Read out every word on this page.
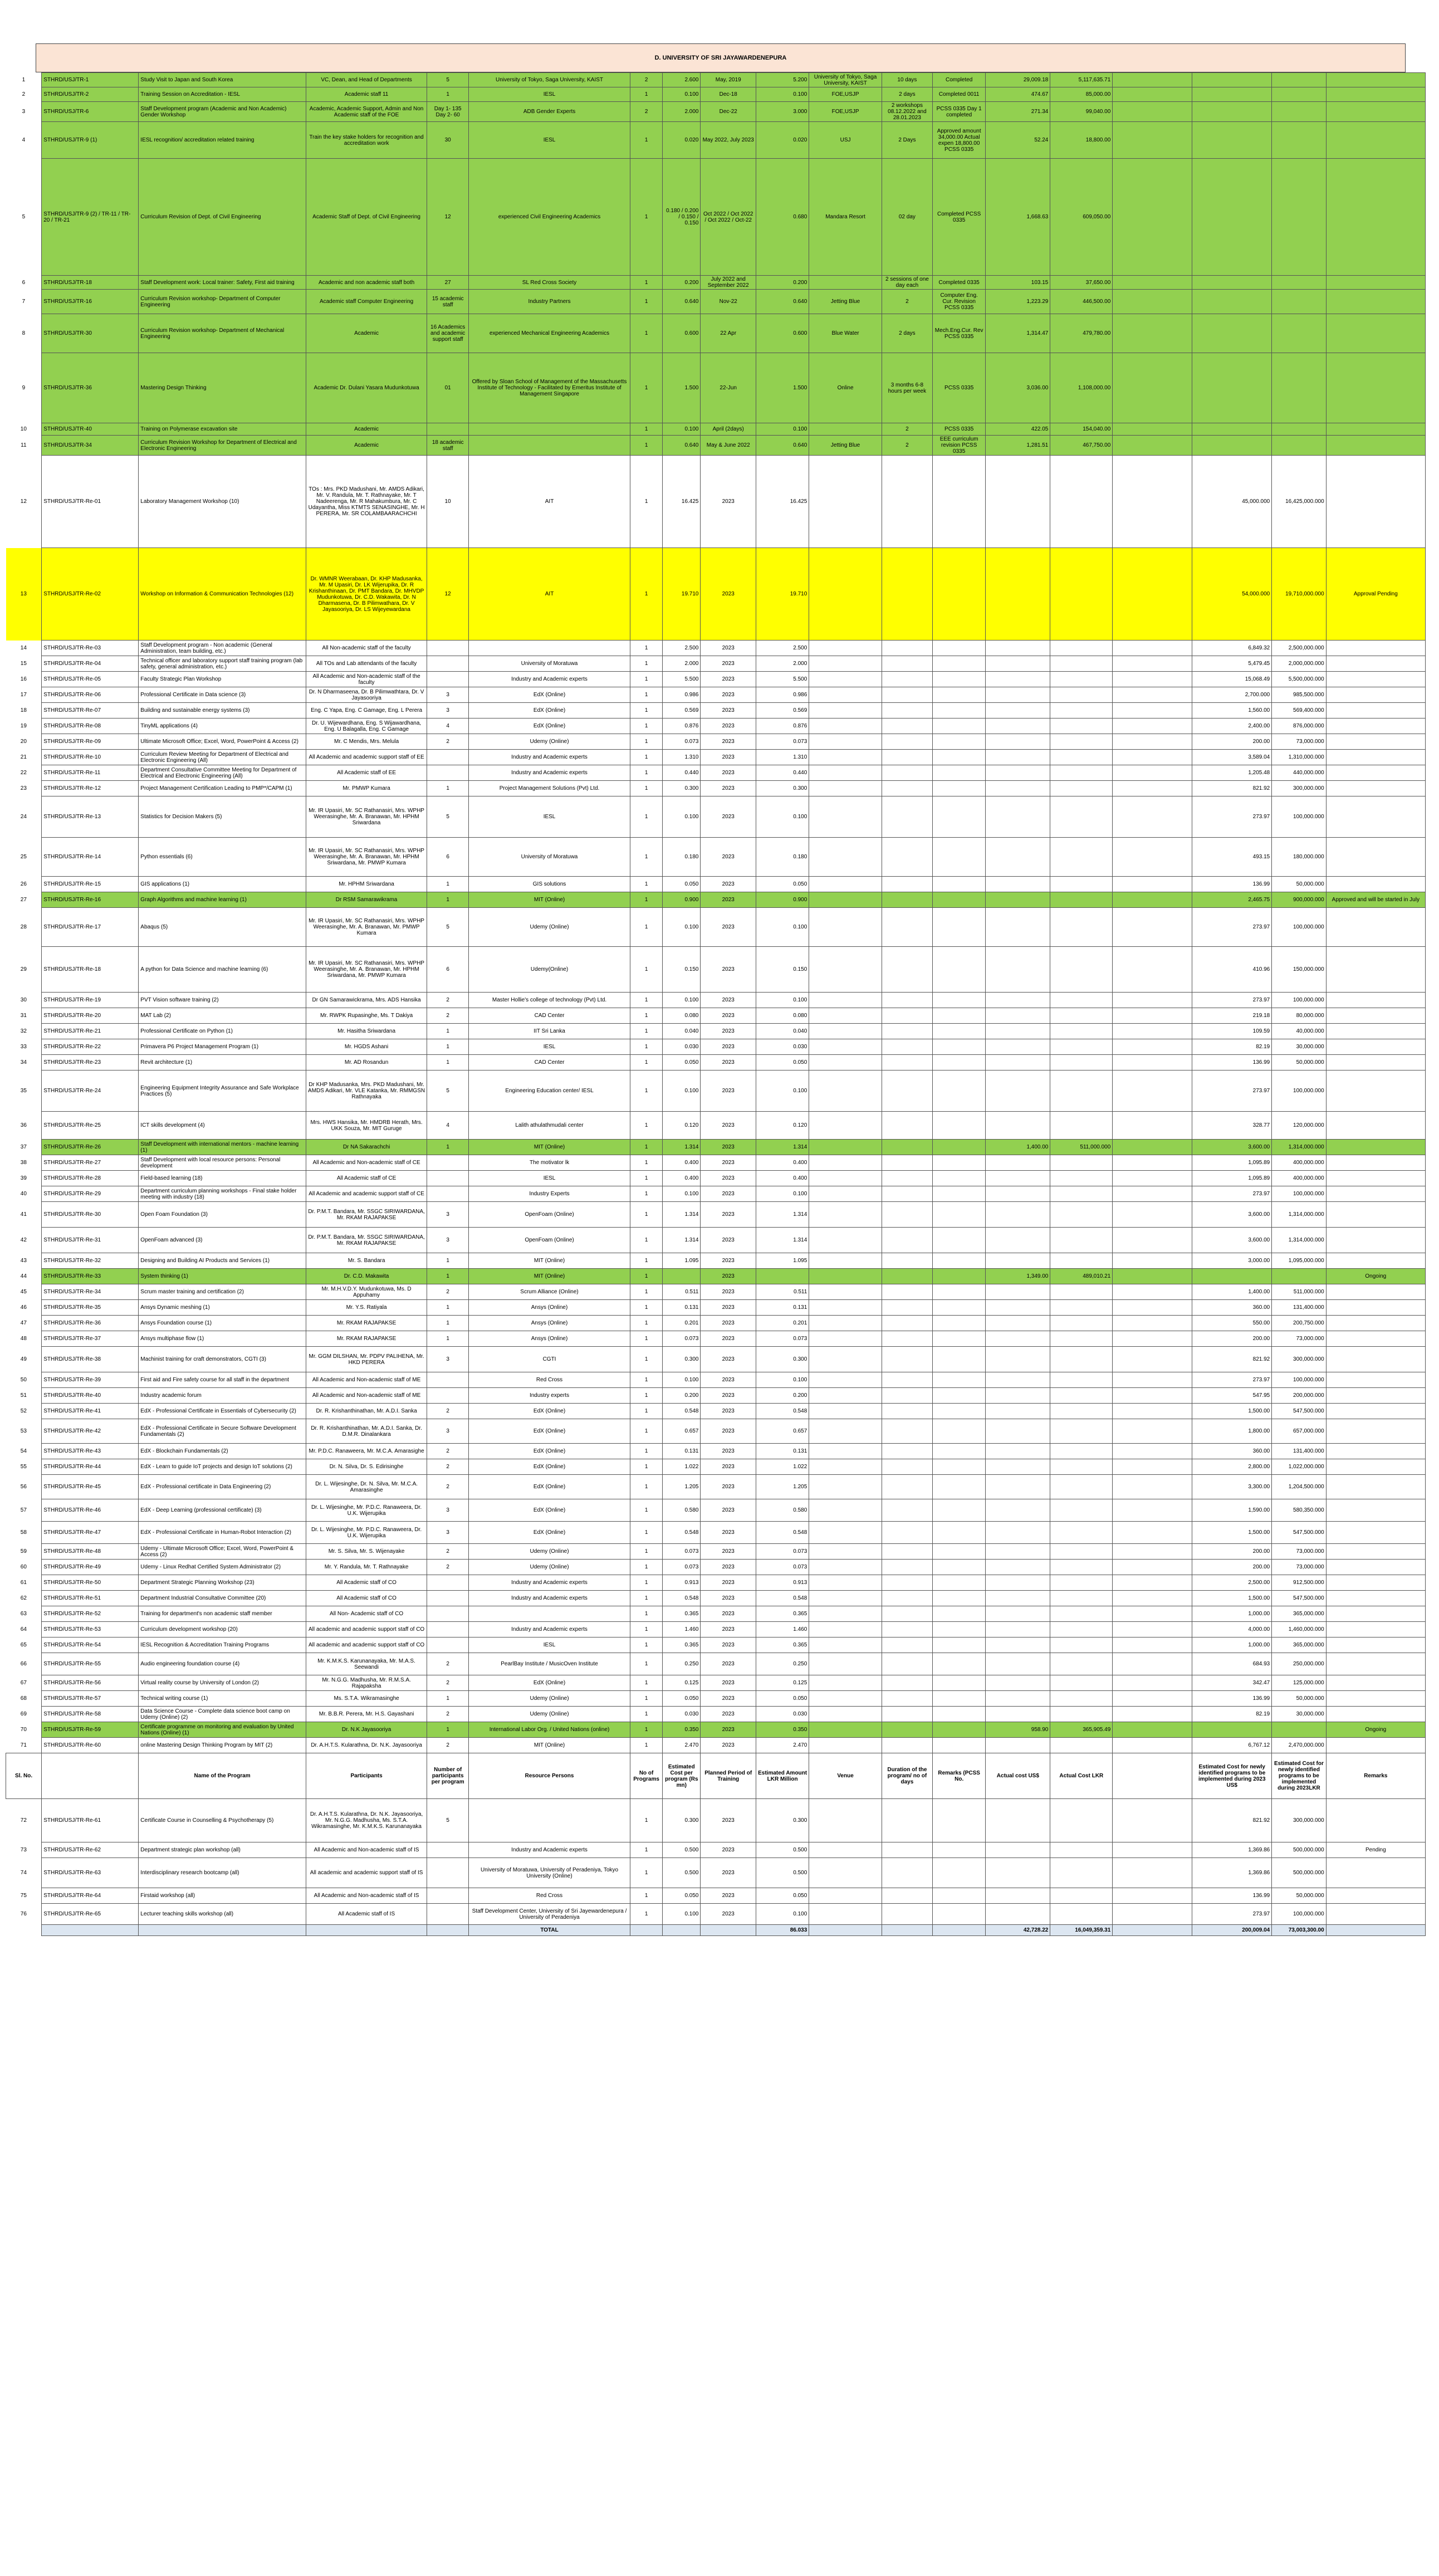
D. UNIVERSITY OF SRI JAYAWARDENEPURA
1	STHRD/USJ/TR-1	Study Visit to Japan and South Korea	VC, Dean, and Head of Departments	5	University of Tokyo, Saga University, KAIST	2	2.600	May, 2019	5.200	University of Tokyo, Saga University, KAIST	10 days	Completed	29,009.18	5,117,635.71				
2	STHRD/USJ/TR-2	Training Session on Accreditation - IESL	Academic staff 11	1	IESL	1	0.100	Dec-18	0.100	FOE,USJP	2 days	Completed 0011	474.67	85,000.00				
3	STHRD/USJ/TR-6	Staff Development program (Academic and Non Academic) Gender Workshop	Academic, Academic Support, Admin and Non Academic staff of the FOE	Day 1- 135 Day 2- 60	ADB Gender Experts	2	2.000	Dec-22	3.000	FOE,USJP	2 workshops 08.12.2022 and 28.01.2023	PCSS 0335 Day 1 completed	271.34	99,040.00				
4	STHRD/USJ/TR-9 (1)	IESL recognition/ accreditation related training	Train the key stake holders for recognition and accreditation work	30	IESL	1	0.020	May 2022, July 2023	0.020	USJ	2 Days	Approved amount 34,000.00 Actual expen 18,800.00 PCSS 0335	52.24	18,800.00				
5	STHRD/USJ/TR-9 (2) / TR-11 / TR-20 / TR-21	Curriculum Revision of Dept. of Civil Engineering	Academic Staff of Dept. of Civil Engineering	12	experienced Civil Engineering Academics	1	0.180 / 0.200 / 0.150 / 0.150	Oct 2022 / Oct 2022 / Oct 2022 / Oct-22	0.680	Mandara Resort	02 day	Completed PCSS 0335	1,668.63	609,050.00				
6	STHRD/USJ/TR-18	Staff Development work: Local trainer: Safety, First aid training	Academic and non academic staff both	27	SL Red Cross Society	1	0.200	July 2022 and September 2022	0.200		2 sessions of one day each	Completed 0335	103.15	37,650.00				
7	STHRD/USJ/TR-16	Curriculum Revision workshop- Department of Computer Engineering	Academic staff Computer Engineering	15 academic staff	Industry Partners	1	0.640	Nov-22	0.640	Jetting Blue	2	Computer Eng. Cur. Revision PCSS 0335	1,223.29	446,500.00				
8	STHRD/USJ/TR-30	Curriculum Revision workshop- Department of Mechanical Engineering	Academic	16 Academics and academic support staff	experienced Mechanical Engineering Academics	1	0.600	22 Apr	0.600	Blue Water	2 days	Mech.Eng.Cur. Rev PCSS 0335	1,314.47	479,780.00				
9	STHRD/USJ/TR-36	Mastering Design Thinking	Academic Dr. Dulani Yasara Mudunkotuwa	01	Offered by Sloan School of Management of the Massachusetts Institute of Technology - Facilitated by Emeritus Institute of Management Singapore	1	1.500	22-Jun	1.500	Online	3 months 6-8 hours per week	PCSS 0335	3,036.00	1,108,000.00				
10	STHRD/USJ/TR-40	Training on Polymerase excavation site	Academic			1	0.100	April (2days)	0.100		2	PCSS 0335	422.05	154,040.00				
11	STHRD/USJ/TR-34	Curriculum Revision Workshop for Department of Electrical and Electronic Engineering	Academic	18 academic staff		1	0.640	May & June 2022	0.640	Jetting Blue	2	EEE curriculum revision PCSS 0335	1,281.51	467,750.00				
12	STHRD/USJ/TR-Re-01	Laboratory Management Workshop (10)	TOs : Mrs. PKD Madushani, Mr. AMDS Adikari, Mr. V. Randula, Mr. T. Rathnayake, Mr. T Nadeerenga, Mr. R Mahakumbura, Mr. C Udayantha, Miss KTMTS SENASINGHE, Mr. H PERERA, Mr. SR COLAMBAARACHCHI	10	AIT	1	16.425	2023	16.425							45,000.000	16,425,000.000	
13	STHRD/USJ/TR-Re-02	Workshop on Information & Communication Technologies (12)	Dr. WMNR Weerabaan, Dr. KHP Madusanka, Mr. M Upasiri, Dr. LK Wijerupika, Dr. R Krishanthinaan, Dr. PMT Bandara, Dr. MHVDP Mudunkotuwa, Dr. C.D. Wakawita, Dr. N Dharmasena, Dr. B Pilimwathara, Dr. V Jayasooriya, Dr. LS Wijeyewardana	12	AIT	1	19.710	2023	19.710							54,000.000	19,710,000.000	Approval Pending
14	STHRD/USJ/TR-Re-03	Staff Development program - Non academic (General Administration, team building, etc.)	All Non-academic staff of the faculty			1	2.500	2023	2.500							6,849.32	2,500,000.000	
15	STHRD/USJ/TR-Re-04	Technical officer and laboratory support staff training program (lab safety, general administration, etc.)	All TOs and Lab attendants of the faculty		University of Moratuwa	1	2.000	2023	2.000							5,479.45	2,000,000.000	
16	STHRD/USJ/TR-Re-05	Faculty Strategic Plan Workshop	All Academic and Non-academic staff of the faculty		Industry and Academic experts	1	5.500	2023	5.500							15,068.49	5,500,000.000	
17	STHRD/USJ/TR-Re-06	Professional Certificate in Data science (3)	Dr. N Dharmaseena, Dr. B Pilimwathtara, Dr. V Jayasooriya	3	EdX (Online)	1	0.986	2023	0.986							2,700.000	985,500.000	
18	STHRD/USJ/TR-Re-07	Building and sustainable energy systems (3)	Eng. C Yapa, Eng. C Gamage, Eng. L Perera	3	EdX (Online)	1	0.569	2023	0.569							1,560.00	569,400.000	
19	STHRD/USJ/TR-Re-08	TinyML applications (4)	Dr. U. Wijewardhana, Eng. S Wijawardhana, Eng. U Balagalla, Eng. C Gamage	4	EdX (Online)	1	0.876	2023	0.876							2,400.00	876,000.000	
20	STHRD/USJ/TR-Re-09	Ultimate Microsoft Office; Excel, Word, PowerPoint & Access (2)	Mr. C Mendis, Mrs. Melula	2	Udemy (Online)	1	0.073	2023	0.073							200.00	73,000.000	
21	STHRD/USJ/TR-Re-10	Curriculum Review Meeting for Department of Electrical and Electronic Engineering (All)	All Academic and academic support staff of EE		Industry and Academic experts	1	1.310	2023	1.310							3,589.04	1,310,000.000	
22	STHRD/USJ/TR-Re-11	Department Consultative Committee Meeting for Department of Electrical and Electronic Engineering (All)	All Academic staff of EE		Industry and Academic experts	1	0.440	2023	0.440							1,205.48	440,000.000	
23	STHRD/USJ/TR-Re-12	Project Management Certification Leading to PMP*/CAPM (1)	Mr. PMWP Kumara	1	Project Management Solutions (Pvt) Ltd.	1	0.300	2023	0.300							821.92	300,000.000	
24	STHRD/USJ/TR-Re-13	Statistics for Decision Makers (5)	Mr. IR Upasiri, Mr. SC Rathanasiri, Mrs. WPHP Weerasinghe, Mr. A. Branawan, Mr. HPHM Sriwardana	5	IESL	1	0.100	2023	0.100							273.97	100,000.000	
25	STHRD/USJ/TR-Re-14	Python essentials (6)	Mr. IR Upasiri, Mr. SC Rathanasiri, Mrs. WPHP Weerasinghe, Mr. A. Branawan, Mr. HPHM Sriwardana, Mr. PMWP Kumara	6	University of Moratuwa	1	0.180	2023	0.180							493.15	180,000.000	
26	STHRD/USJ/TR-Re-15	GIS applications (1)	Mr. HPHM Sriwardana	1	GIS solutions	1	0.050	2023	0.050							136.99	50,000.000	
27	STHRD/USJ/TR-Re-16	Graph Algorithms and machine learning (1)	Dr RSM Samarawikrama	1	MIT (Online)	1	0.900	2023	0.900							2,465.75	900,000.000	Approved and will be started in July
28	STHRD/USJ/TR-Re-17	Abaqus (5)	Mr. IR Upasiri, Mr. SC Rathanasiri, Mrs. WPHP Weerasinghe, Mr. A. Branawan, Mr. PMWP Kumara	5	Udemy (Online)	1	0.100	2023	0.100							273.97	100,000.000	
29	STHRD/USJ/TR-Re-18	A python for Data Science and machine learning (6)	Mr. IR Upasiri, Mr. SC Rathanasiri, Mrs. WPHP Weerasinghe, Mr. A. Branawan, Mr. HPHM Sriwardana, Mr. PMWP Kumara	6	Udemy(Online)	1	0.150	2023	0.150							410.96	150,000.000	
30	STHRD/USJ/TR-Re-19	PVT Vision software training (2)	Dr GN Samarawickrama, Mrs. ADS Hansika	2	Master Hollie's college of technology (Pvt) Ltd.	1	0.100	2023	0.100							273.97	100,000.000	
31	STHRD/USJ/TR-Re-20	MAT Lab (2)	Mr. RWPK Rupasinghe, Ms. T Dakiya	2	CAD Center	1	0.080	2023	0.080							219.18	80,000.000	
32	STHRD/USJ/TR-Re-21	Professional Certificate on Python (1)	Mr. Hasitha Sriwardana	1	IIT Sri Lanka	1	0.040	2023	0.040							109.59	40,000.000	
33	STHRD/USJ/TR-Re-22	Primavera P6 Project Management Program (1)	Mr. HGDS Ashani	1	IESL	1	0.030	2023	0.030							82.19	30,000.000	
34	STHRD/USJ/TR-Re-23	Revit architecture (1)	Mr. AD Rosandun	1	CAD Center	1	0.050	2023	0.050							136.99	50,000.000	
35	STHRD/USJ/TR-Re-24	Engineering Equipment Integrity Assurance and Safe Workplace Practices (5)	Dr KHP Madusanka, Mrs. PKD Madushani, Mr. AMDS Adikari, Mr. VLE Katanka, Mr. RMMGSN Rathnayaka	5	Engineering Education center/ IESL	1	0.100	2023	0.100							273.97	100,000.000	
36	STHRD/USJ/TR-Re-25	ICT skills development (4)	Mrs. HWS Hansika, Mr. HMDRB Herath, Mrs. UKK Souza, Mr. MIT Guruge	4	Lalith athulathmudali center	1	0.120	2023	0.120							328.77	120,000.000	
37	STHRD/USJ/TR-Re-26	Staff Development with international mentors - machine learning (1)	Dr NA Sakarachchi	1	MIT (Online)	1	1.314	2023	1.314				1,400.00	511,000.000		3,600.00	1,314,000.000	
38	STHRD/USJ/TR-Re-27	Staff Development with local resource persons: Personal development	All Academic and Non-academic staff of CE		The motivator lk	1	0.400	2023	0.400							1,095.89	400,000.000	
39	STHRD/USJ/TR-Re-28	Field-based learning (18)	All Academic staff of CE		IESL	1	0.400	2023	0.400							1,095.89	400,000.000	
40	STHRD/USJ/TR-Re-29	Department curriculum planning workshops - Final stake holder meeting with industry (18)	All Academic and academic support staff of CE		Industry Experts	1	0.100	2023	0.100							273.97	100,000.000	
41	STHRD/USJ/TR-Re-30	Open Foam Foundation (3)	Dr. P.M.T. Bandara, Mr. SSGC SIRIWARDANA, Mr. RKAM RAJAPAKSE	3	OpenFoam (Online)	1	1.314	2023	1.314							3,600.00	1,314,000.000	
42	STHRD/USJ/TR-Re-31	OpenFoam advanced (3)	Dr. P.M.T. Bandara, Mr. SSGC SIRIWARDANA, Mr. RKAM RAJAPAKSE	3	OpenFoam (Online)	1	1.314	2023	1.314							3,600.00	1,314,000.000	
43	STHRD/USJ/TR-Re-32	Designing and Building AI Products and Services (1)	Mr. S. Bandara	1	MIT (Online)	1	1.095	2023	1.095							3,000.00	1,095,000.000	
44	STHRD/USJ/TR-Re-33	System thinking (1)	Dr. C.D. Makawita	1	MIT (Online)	1		2023					1,349.00	489,010.21				Ongoing
45	STHRD/USJ/TR-Re-34	Scrum master training and certification (2)	Mr. M.H.V.D.Y. Mudunkotuwa, Ms. D Appuhamy	2	Scrum Alliance (Online)	1	0.511	2023	0.511							1,400.00	511,000.000	
46	STHRD/USJ/TR-Re-35	Ansys Dynamic meshing (1)	Mr. Y.S. Ratiyala	1	Ansys (Online)	1	0.131	2023	0.131							360.00	131,400.000	
47	STHRD/USJ/TR-Re-36	Ansys Foundation course (1)	Mr. RKAM RAJAPAKSE	1	Ansys (Online)	1	0.201	2023	0.201							550.00	200,750.000	
48	STHRD/USJ/TR-Re-37	Ansys multiphase flow (1)	Mr. RKAM RAJAPAKSE	1	Ansys (Online)	1	0.073	2023	0.073							200.00	73,000.000	
49	STHRD/USJ/TR-Re-38	Machinist training for craft demonstrators, CGTI (3)	Mr. GGM DILSHAN, Mr. PDPV PALIHENA, Mr. HKD PERERA	3	CGTI	1	0.300	2023	0.300							821.92	300,000.000	
50	STHRD/USJ/TR-Re-39	First aid and Fire safety course for all staff in the department	All Academic and Non-academic staff of ME		Red Cross	1	0.100	2023	0.100							273.97	100,000.000	
51	STHRD/USJ/TR-Re-40	Industry academic forum	All Academic and Non-academic staff of ME		Industry experts	1	0.200	2023	0.200							547.95	200,000.000	
52	STHRD/USJ/TR-Re-41	EdX - Professional Certificate in Essentials of Cybersecurity (2)	Dr. R. Krishanthinathan, Mr. A.D.I. Sanka	2	EdX (Online)	1	0.548	2023	0.548							1,500.00	547,500.000	
53	STHRD/USJ/TR-Re-42	EdX - Professional Certificate in Secure Software Development Fundamentals (2)	Dr. R. Krishanthinathan, Mr. A.D.I. Sanka, Dr. D.M.R. Dinalankara	3	EdX (Online)	1	0.657	2023	0.657							1,800.00	657,000.000	
54	STHRD/USJ/TR-Re-43	EdX - Blockchain Fundamentals (2)	Mr. P.D.C. Ranaweera, Mr. M.C.A. Amarasighe	2	EdX (Online)	1	0.131	2023	0.131							360.00	131,400.000	
55	STHRD/USJ/TR-Re-44	EdX - Learn to guide IoT projects and design IoT solutions (2)	Dr. N. Silva, Dr. S. Edirisinghe	2	EdX (Online)	1	1.022	2023	1.022							2,800.00	1,022,000.000	
56	STHRD/USJ/TR-Re-45	EdX - Professional certificate in Data Engineering (2)	Dr. L. Wijesinghe, Dr. N. Silva, Mr. M.C.A. Amarasinghe	2	EdX (Online)	1	1.205	2023	1.205							3,300.00	1,204,500.000	
57	STHRD/USJ/TR-Re-46	EdX - Deep Learning (professional certificate) (3)	Dr. L. Wijesinghe, Mr. P.D.C. Ranaweera, Dr. U.K. Wijerupika	3	EdX (Online)	1	0.580	2023	0.580							1,590.00	580,350.000	
58	STHRD/USJ/TR-Re-47	EdX - Professional Certificate in Human-Robot Interaction (2)	Dr. L. Wijesinghe, Mr. P.D.C. Ranaweera, Dr. U.K. Wijerupika	3	EdX (Online)	1	0.548	2023	0.548							1,500.00	547,500.000	
59	STHRD/USJ/TR-Re-48	Udemy - Ultimate Microsoft Office; Excel, Word, PowerPoint & Access (2)	Mr. S. Silva, Mr. S. Wijenayake	2	Udemy (Online)	1	0.073	2023	0.073							200.00	73,000.000	
60	STHRD/USJ/TR-Re-49	Udemy - Linux Redhat Certified System Administrator (2)	Mr. Y. Randula, Mr. T. Rathnayake	2	Udemy (Online)	1	0.073	2023	0.073							200.00	73,000.000	
61	STHRD/USJ/TR-Re-50	Department Strategic Planning Workshop (23)	All Academic staff of CO		Industry and Academic experts	1	0.913	2023	0.913							2,500.00	912,500.000	
62	STHRD/USJ/TR-Re-51	Department Industrial Consultative Committee (20)	All Academic staff of CO		Industry and Academic experts	1	0.548	2023	0.548							1,500.00	547,500.000	
63	STHRD/USJ/TR-Re-52	Training for department's non academic staff member	All Non- Academic staff of CO			1	0.365	2023	0.365							1,000.00	365,000.000	
64	STHRD/USJ/TR-Re-53	Curriculum development workshop (20)	All academic and academic support staff of CO		Industry and Academic experts	1	1.460	2023	1.460							4,000.00	1,460,000.000	
65	STHRD/USJ/TR-Re-54	IESL Recognition & Accreditation Training Programs	All academic and academic support staff of CO		IESL	1	0.365	2023	0.365							1,000.00	365,000.000	
66	STHRD/USJ/TR-Re-55	Audio engineering foundation course (4)	Mr. K.M.K.S. Karunanayaka, Mr. M.A.S. Seewandi	2	PearlBay Institute / MusicOven Institute	1	0.250	2023	0.250							684.93	250,000.000	
67	STHRD/USJ/TR-Re-56	Virtual reality course by University of London (2)	Mr. N.G.G. Madhusha, Mr. R.M.S.A. Rajapaksha	2	EdX (Online)	1	0.125	2023	0.125							342.47	125,000.000	
68	STHRD/USJ/TR-Re-57	Technical writing course (1)	Ms. S.T.A. Wikramasinghe	1	Udemy (Online)	1	0.050	2023	0.050							136.99	50,000.000	
69	STHRD/USJ/TR-Re-58	Data Science Course - Complete data science boot camp on Udemy (Online) (2)	Mr. B.B.R. Perera, Mr. H.S. Gayashani	2	Udemy (Online)	1	0.030	2023	0.030							82.19	30,000.000	
70	STHRD/USJ/TR-Re-59	Certificate programme on monitoring and evaluation by United Nations (Online) (1)	Dr. N.K Jayasooriya	1	International Labor Org. / United Nations (online)	1	0.350	2023	0.350				958.90	365,905.49				Ongoing
71	STHRD/USJ/TR-Re-60	online Mastering Design Thinking Program by MIT (2)	Dr. A.H.T.S. Kularathna, Dr. N.K. Jayasooriya	2	MIT (Online)	1	2.470	2023	2.470							6,767.12	2,470,000.000	
Sl. No.		Name of the Program	Participants	Number of participants per program	Resource Persons	No of Programs	Estimated Cost per program (Rs mn)	Planned Period of Training	Estimated Amount LKR Million	Venue	Duration of the program/ no of days	Remarks (PCSS No.	Actual cost US$	Actual Cost LKR		Estimated Cost for newly identified programs to be implemented during 2023 US$	Estimated Cost for newly identified programs to be implemented during 2023LKR	Remarks
72	STHRD/USJ/TR-Re-61	Certificate Course in Counselling & Psychotherapy (5)	Dr. A.H.T.S. Kularathna, Dr. N.K. Jayasooriya, Mr. N.G.G. Madhusha, Ms. S.T.A. Wikramasinghe, Mr. K.M.K.S. Karunanayaka	5		1	0.300	2023	0.300							821.92	300,000.000	
73	STHRD/USJ/TR-Re-62	Department strategic plan workshop (all)	All Academic and Non-academic staff of IS		Industry and Academic experts	1	0.500	2023	0.500							1,369.86	500,000.000	Pending
74	STHRD/USJ/TR-Re-63	Interdisciplinary research bootcamp (all)	All academic and academic support staff of IS		University of Moratuwa, University of Peradeniya, Tokyo University (Online)	1	0.500	2023	0.500							1,369.86	500,000.000	
75	STHRD/USJ/TR-Re-64	Firstaid workshop (all)	All Academic and Non-academic staff of IS		Red Cross	1	0.050	2023	0.050							136.99	50,000.000	
76	STHRD/USJ/TR-Re-65	Lecturer teaching skills workshop (all)	All Academic staff of IS		Staff Development Center, University of Sri Jayewardenepura / University of Peradeniya	1	0.100	2023	0.100							273.97	100,000.000	
					TOTAL				86.033				42,728.22	16,049,359.31		200,009.04	73,003,300.00	
